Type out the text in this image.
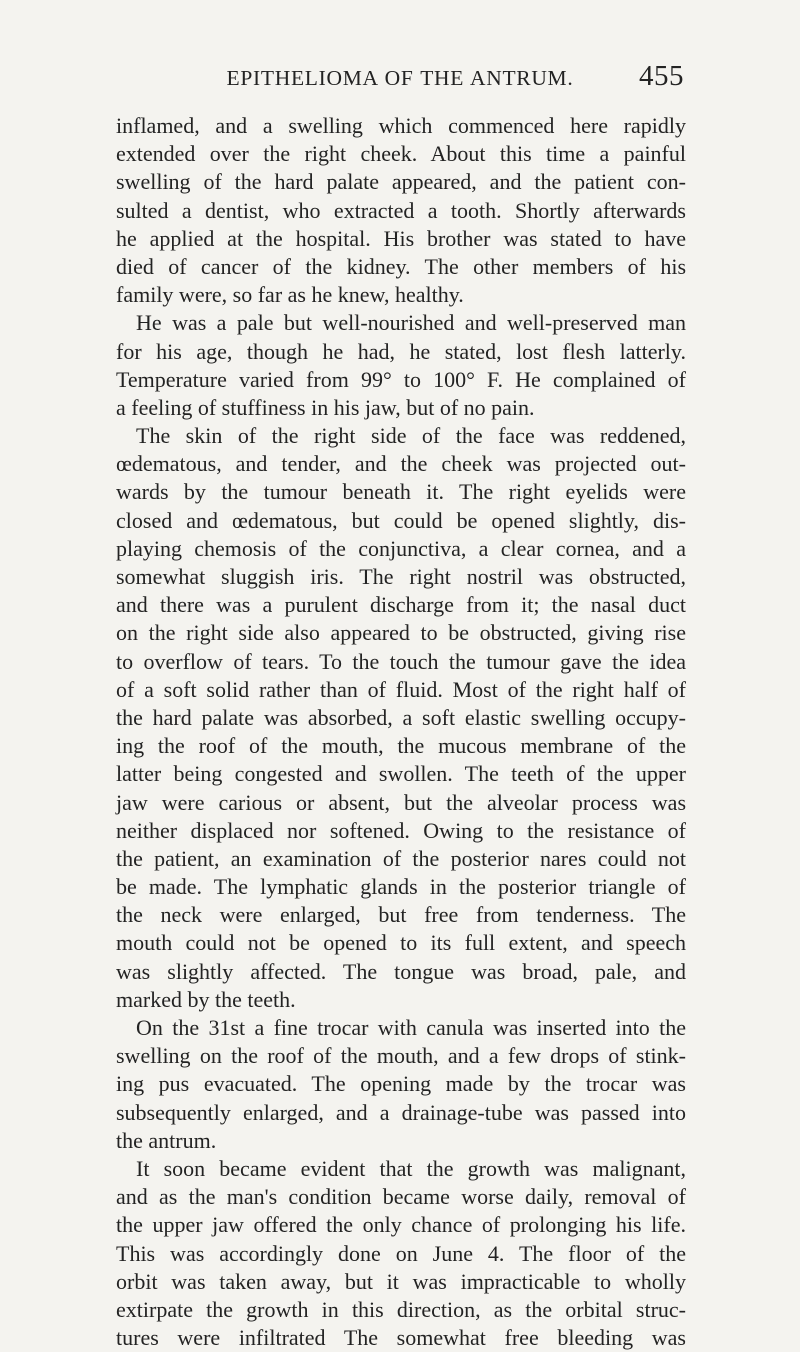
EPITHELIOMA OF THE ANTRUM.	455
inflamed, and a swelling which commenced here rapidly
extended over the right cheek. About this time a painful
swelling of the hard palate appeared, and the patient con-
sulted a dentist, who extracted a tooth. Shortly afterwards
he applied at the hospital. His brother was stated to have
died of cancer of the kidney. The other members of his
family were, so far as he knew, healthy.
He was a pale but well-nourished and well-preserved man
for his age, though he had, he stated, lost flesh latterly.
Temperature varied from 99° to 100° F. He complained of
a feeling of stuffiness in his jaw, but of no pain.
The skin of the right side of the face was reddened,
œdematous, and tender, and the cheek was projected out-
wards by the tumour beneath it. The right eyelids were
closed and œdematous, but could be opened slightly, dis-
playing chemosis of the conjunctiva, a clear cornea, and a
somewhat sluggish iris. The right nostril was obstructed,
and there was a purulent discharge from it; the nasal duct
on the right side also appeared to be obstructed, giving rise
to overflow of tears. To the touch the tumour gave the idea
of a soft solid rather than of fluid. Most of the right half of
the hard palate was absorbed, a soft elastic swelling occupy-
ing the roof of the mouth, the mucous membrane of the
latter being congested and swollen. The teeth of the upper
jaw were carious or absent, but the alveolar process was
neither displaced nor softened. Owing to the resistance of
the patient, an examination of the posterior nares could not
be made. The lymphatic glands in the posterior triangle of
the neck were enlarged, but free from tenderness. The
mouth could not be opened to its full extent, and speech
was slightly affected. The tongue was broad, pale, and
marked by the teeth.
On the 31st a fine trocar with canula was inserted into the
swelling on the roof of the mouth, and a few drops of stink-
ing pus evacuated. The opening made by the trocar was
subsequently enlarged, and a drainage-tube was passed into
the antrum.
It soon became evident that the growth was malignant,
and as the man's condition became worse daily, removal of
the upper jaw offered the only chance of prolonging his life.
This was accordingly done on June 4. The floor of the
orbit was taken away, but it was impracticable to wholly
extirpate the growth in this direction, as the orbital struc-
tures were infiltrated The somewhat free bleeding was
